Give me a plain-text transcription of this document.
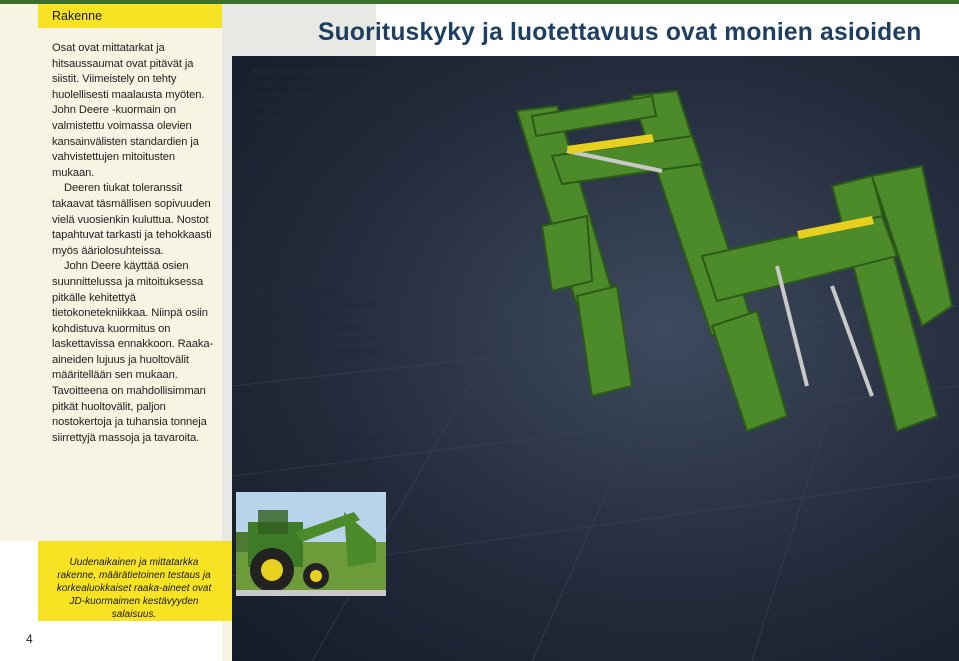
Rakenne

Osat ovat mittatarkat ja hitsaussaumat ovat pitävät ja siistit. Viimeistely on tehty huolellisesti maalausta myöten. John Deere -kuormain on valmistettu voimassa olevien kansainvälisten standardien ja vahvistettujen mitoitusten mukaan.

Deeren tiukat toleranssit takaavat täsmällisen sopivuuden vielä vuosienkin kuluttua. Nostot tapahtuvat tarkasti ja tehokkaasti myös ääriolosuhteissa.

John Deere käyttää osien suunnittelussa ja mitoituksessa pitkälle kehitettyä tietokonetekniikkaa. Niinpä osiin kohdistuva kuormitus on laskettavissa ennakkoon. Raaka-aineiden lujuus ja huoltovälit määritellään sen mukaan. Tavoitteena on mahdollisimman pitkät huoltovälit, paljon nostokertoja ja tuhansia tonneja siirrettyjä massoja ja tavaroita.

Suorituskyky ja luotettavuus ovat monien asioiden
Akselitapit kuumakarkaistaan kestävyyden ja luotettavuuden maksimoimiseksi. Rasvausmahdollisuus takaa kestävyyden.
Tarkkuusvalmistetut hydraulisylinterit on mitoitettu John Deeren standardien mukaan. Ennen tuotantoon ottoa hydrauliikan komponentit läpikäyvät tuhansien testituntien lujuuskokeen.
Pysäköintijalusta on integroitu kuormaimeen. Se on aina mukana ja käyttövalmiina juuri silloin kun sitä tarvitaan. Kätevä tappilukitus pitää sen turvallisesti
Uudenaikainen ja mittatarkka rakenne, määrätietoinen testaus ja korkealuokkaiset raaka-aineet ovat JD-kuormaimen kestävyyden salaisuus.
4
